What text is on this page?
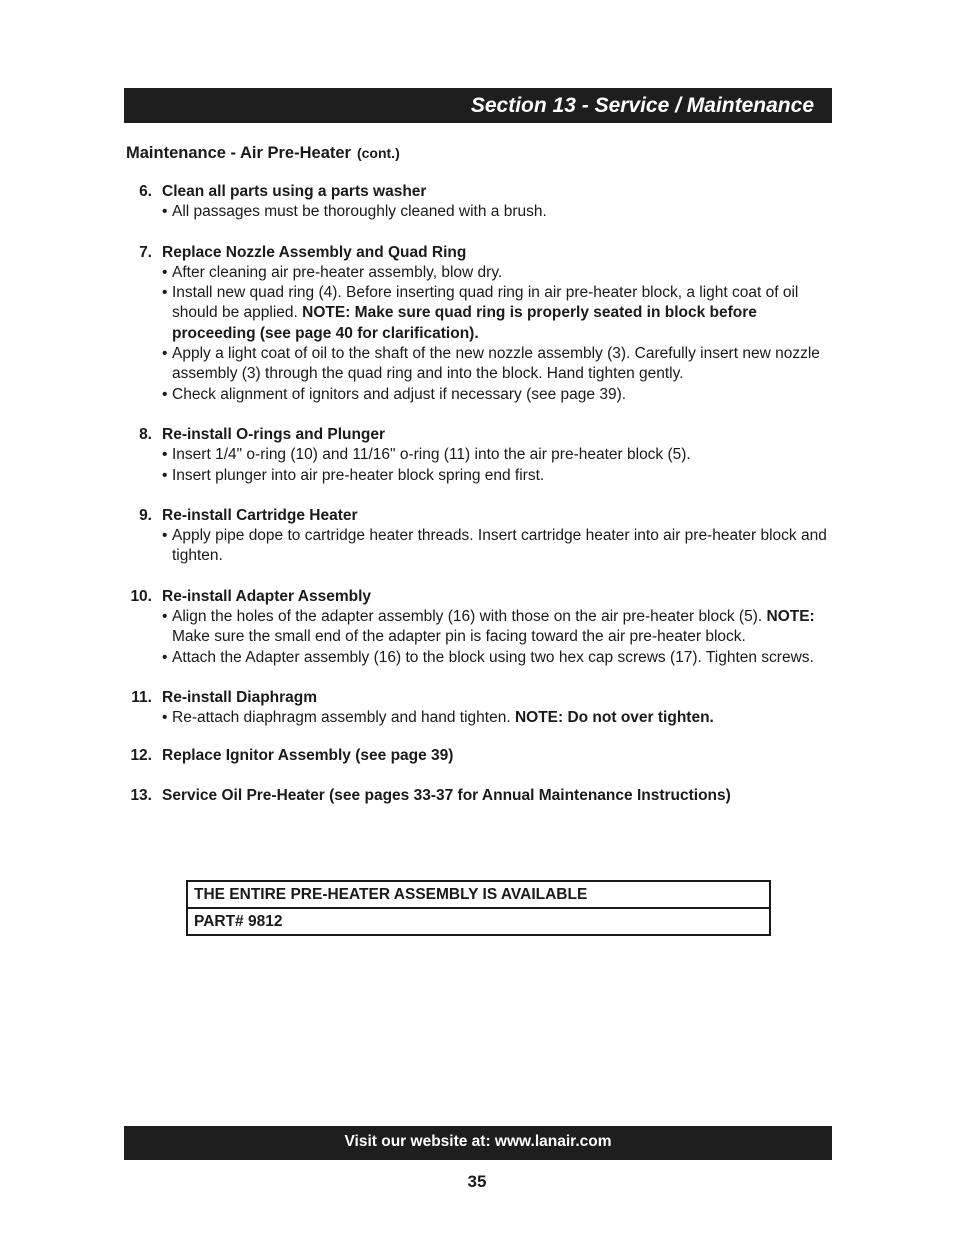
Section 13 - Service / Maintenance
Maintenance - Air Pre-Heater (cont.)
6. Clean all parts using a parts washer
• All passages must be thoroughly cleaned with a brush.
7. Replace Nozzle Assembly and Quad Ring
• After cleaning air pre-heater assembly, blow dry.
• Install new quad ring (4). Before inserting quad ring in air pre-heater block, a light coat of oil should be applied. NOTE: Make sure quad ring is properly seated in block before proceeding (see page 40 for clarification).
• Apply a light coat of oil to the shaft of the new nozzle assembly (3). Carefully insert new nozzle assembly (3) through the quad ring and into the block. Hand tighten gently.
• Check alignment of ignitors and adjust if necessary (see page 39).
8. Re-install O-rings and Plunger
• Insert 1/4" o-ring (10) and 11/16" o-ring (11) into the air pre-heater block (5).
• Insert plunger into air pre-heater block spring end first.
9. Re-install Cartridge Heater
• Apply pipe dope to cartridge heater threads. Insert cartridge heater into air pre-heater block and tighten.
10. Re-install Adapter Assembly
• Align the holes of the adapter assembly (16) with those on the air pre-heater block (5). NOTE: Make sure the small end of the adapter pin is facing toward the air pre-heater block.
• Attach the Adapter assembly (16) to the block using two hex cap screws (17). Tighten screws.
11. Re-install Diaphragm
• Re-attach diaphragm assembly and hand tighten. NOTE: Do not over tighten.
12. Replace Ignitor Assembly (see page 39)
13. Service Oil Pre-Heater (see pages 33-37 for Annual Maintenance Instructions)
THE ENTIRE PRE-HEATER ASSEMBLY IS AVAILABLE
PART# 9812
Visit our website at: www.lanair.com
35
